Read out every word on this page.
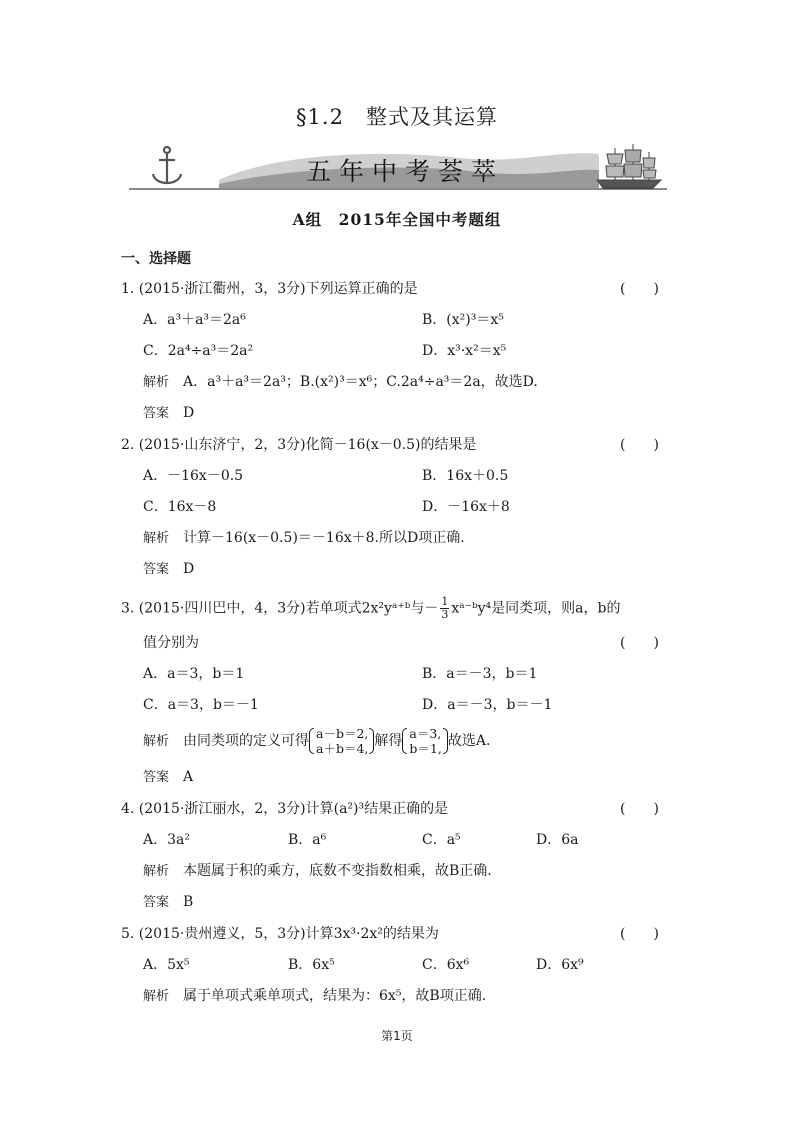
§1.2　整式及其运算
五年中考荟萃
A组　2015年全国中考题组
一、选择题
1. (2015·浙江衢州，3，3分)下列运算正确的是	(　　)
A．a³＋a³＝2a⁶	B．(x²)³＝x⁵
C．2a⁴÷a³＝2a²	D．x³·x²＝x⁵
解析 A．a³＋a³＝2a³；B.(x²)³＝x⁶；C.2a⁴÷a³＝2a，故选D.
答案 D
2. (2015·山东济宁，2，3分)化简－16(x－0.5)的结果是	(　　)
A．－16x－0.5	B．16x＋0.5
C．16x－8	D．－16x＋8
解析 计算－16(x－0.5)＝－16x＋8.所以D项正确.
答案 D
3. (2015·四川巴中，4，3分)若单项式2x²yᵃ⁺ᵇ与－ $\frac{1}{3}$ xᵃ⁻ᵇy⁴是同类项，则a，b的
值分别为	(　　)
A．a＝3，b＝1	B．a＝－3，b＝1
C．a＝3，b＝－1	D．a＝－3，b＝－1
解析 由同类项的定义可得 a－b＝2,
a＋b＝4, 解得 a＝3,
b＝1, 故选A.
答案 A
4. (2015·浙江丽水，2，3分)计算(a²)³结果正确的是	(　　)
A．3a²	B．a⁶	C．a⁵	D．6a
解析 本题属于积的乘方，底数不变指数相乘，故B正确.
答案 B
5. (2015·贵州遵义，5，3分)计算3x³·2x²的结果为	(　　)
A．5x⁵	B．6x⁵	C．6x⁶	D．6x⁹
解析 属于单项式乘单项式，结果为：6x⁵，故B项正确.
第1页
